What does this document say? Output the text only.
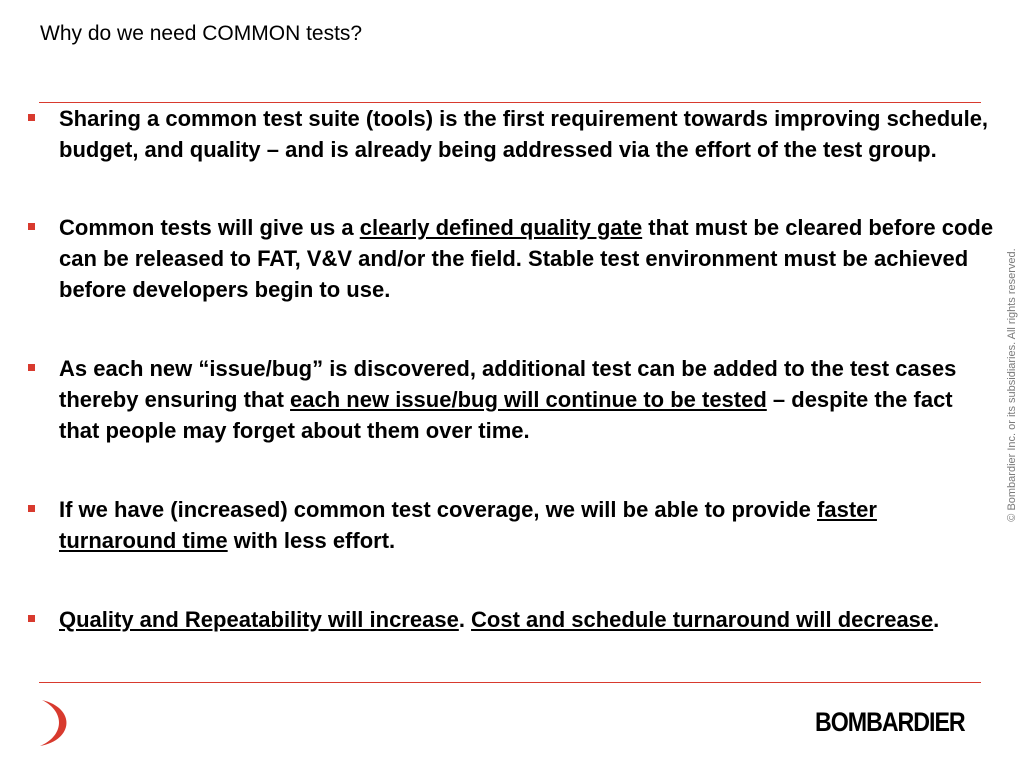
Why do we need COMMON tests?
Sharing a common test suite (tools) is the first requirement towards improving schedule, budget, and quality – and is already being addressed via the effort of the test group.
Common tests will give us a clearly defined quality gate that must be cleared before code can be released to FAT, V&V and/or the field. Stable test environment must be achieved before developers begin to use.
As each new “issue/bug” is discovered, additional test can be added to the test cases thereby ensuring that each new issue/bug will continue to be tested – despite the fact that people may forget about them over time.
If we have (increased) common test coverage, we will be able to provide faster turnaround time with less effort.
Quality and Repeatability will increase. Cost and schedule turnaround will decrease.
© Bombardier Inc. or its subsidiaries. All rights reserved.
BOMBARDIER
